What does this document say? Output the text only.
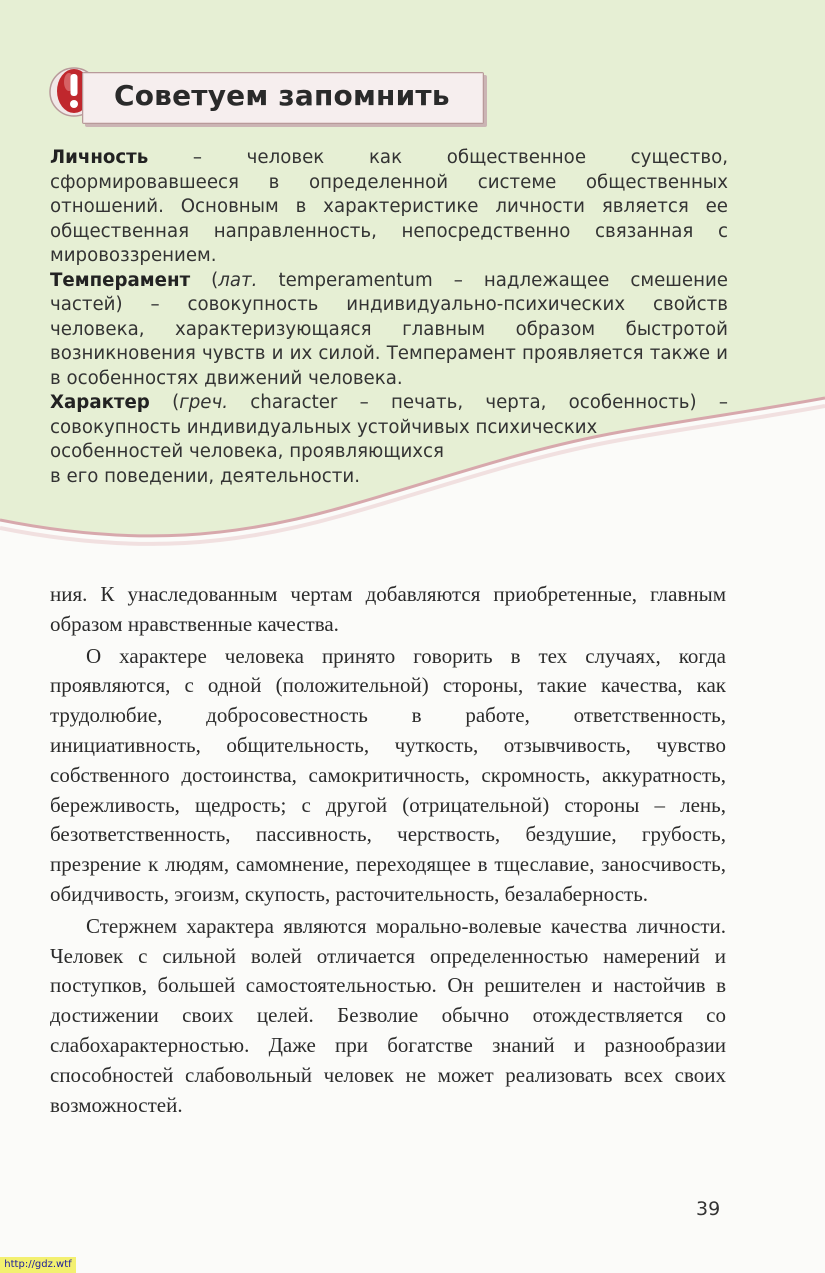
Советуем запомнить

Личность – человек как общественное существо, сформировавшееся в определенной системе общественных отношений. Основным в характеристике личности является ее общественная направленность, непосредственно связанная с мировоззрением.

Темперамент (лат. temperamentum – надлежащее смешение частей) – совокупность индивидуально-психических свойств человека, характеризующаяся главным образом быстротой возникновения чувств и их силой. Темперамент проявляется также и в особенностях движений человека.

Характер (греч. character – печать, черта, особенность) – совокупность индивидуальных устойчивых психических

особенностей человека, проявляющихся
в его поведении, деятельности.

ния. К унаследованным чертам добавляются приобретенные, главным образом нравственные качества.

О характере человека принято говорить в тех случаях, когда проявляются, с одной (положительной) стороны, такие качества, как трудолюбие, добросовестность в работе, ответственность, инициативность, общительность, чуткость, отзывчивость, чувство собственного достоинства, самокритичность, скромность, аккуратность, бережливость, щедрость; с другой (отрицательной) стороны – лень, безответственность, пассивность, черствость, бездушие, грубость, презрение к людям, самомнение, переходящее в тщеславие, заносчивость, обидчивость, эгоизм, скупость, расточительность, безалаберность.

Стержнем характера являются морально-волевые качества личности. Человек с сильной волей отличается определенностью намерений и поступков, большей самостоятельностью. Он решителен и настойчив в достижении своих целей. Безволие обычно отождествляется со слабохарактерностью. Даже при богатстве знаний и разнообразии способностей слабовольный человек не может реализовать всех своих возможностей.

39
http://gdz.wtf
